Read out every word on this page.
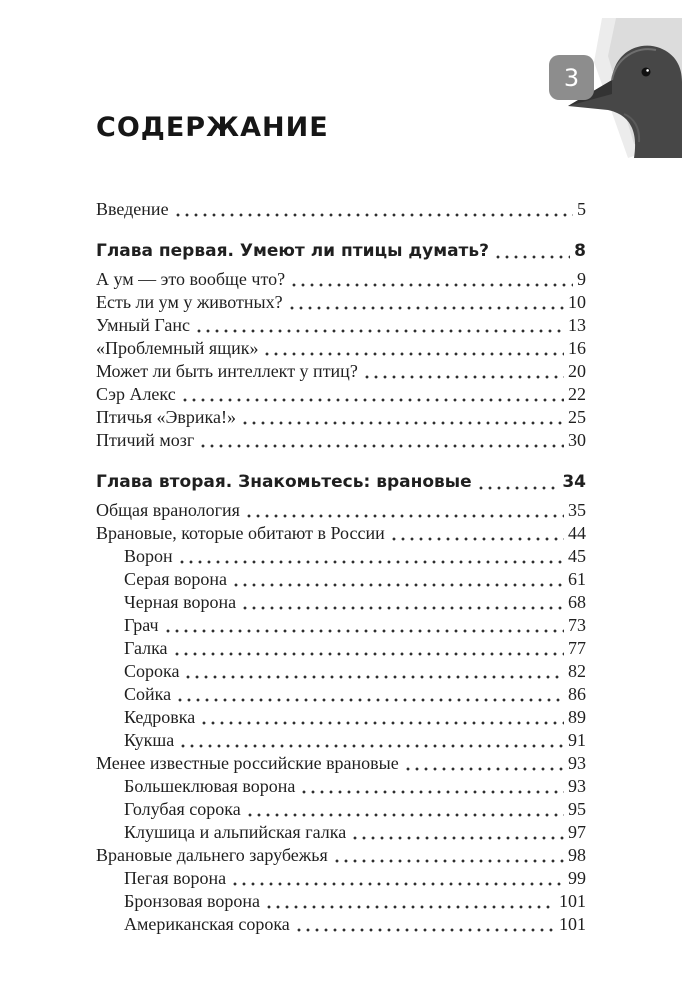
3
СОДЕРЖАНИЕ
Введение	5
Глава первая. Умеют ли птицы думать?	8
А ум — это вообще что?	9
Есть ли ум у животных?	10
Умный Ганс	13
«Проблемный ящик»	16
Может ли быть интеллект у птиц?	20
Сэр Алекс	22
Птичья «Эврика!»	25
Птичий мозг	30
Глава вторая. Знакомьтесь: врановые	34
Общая вранология	35
Врановые, которые обитают в России	44
Ворон	45
Серая ворона	61
Черная ворона	68
Грач	73
Галка	77
Сорока	82
Сойка	86
Кедровка	89
Кукша	91
Менее известные российские врановые	93
Большеклювая ворона	93
Голубая сорока	95
Клушица и альпийская галка	97
Врановые дальнего зарубежья	98
Пегая ворона	99
Бронзовая ворона	101
Американская сорока	101
